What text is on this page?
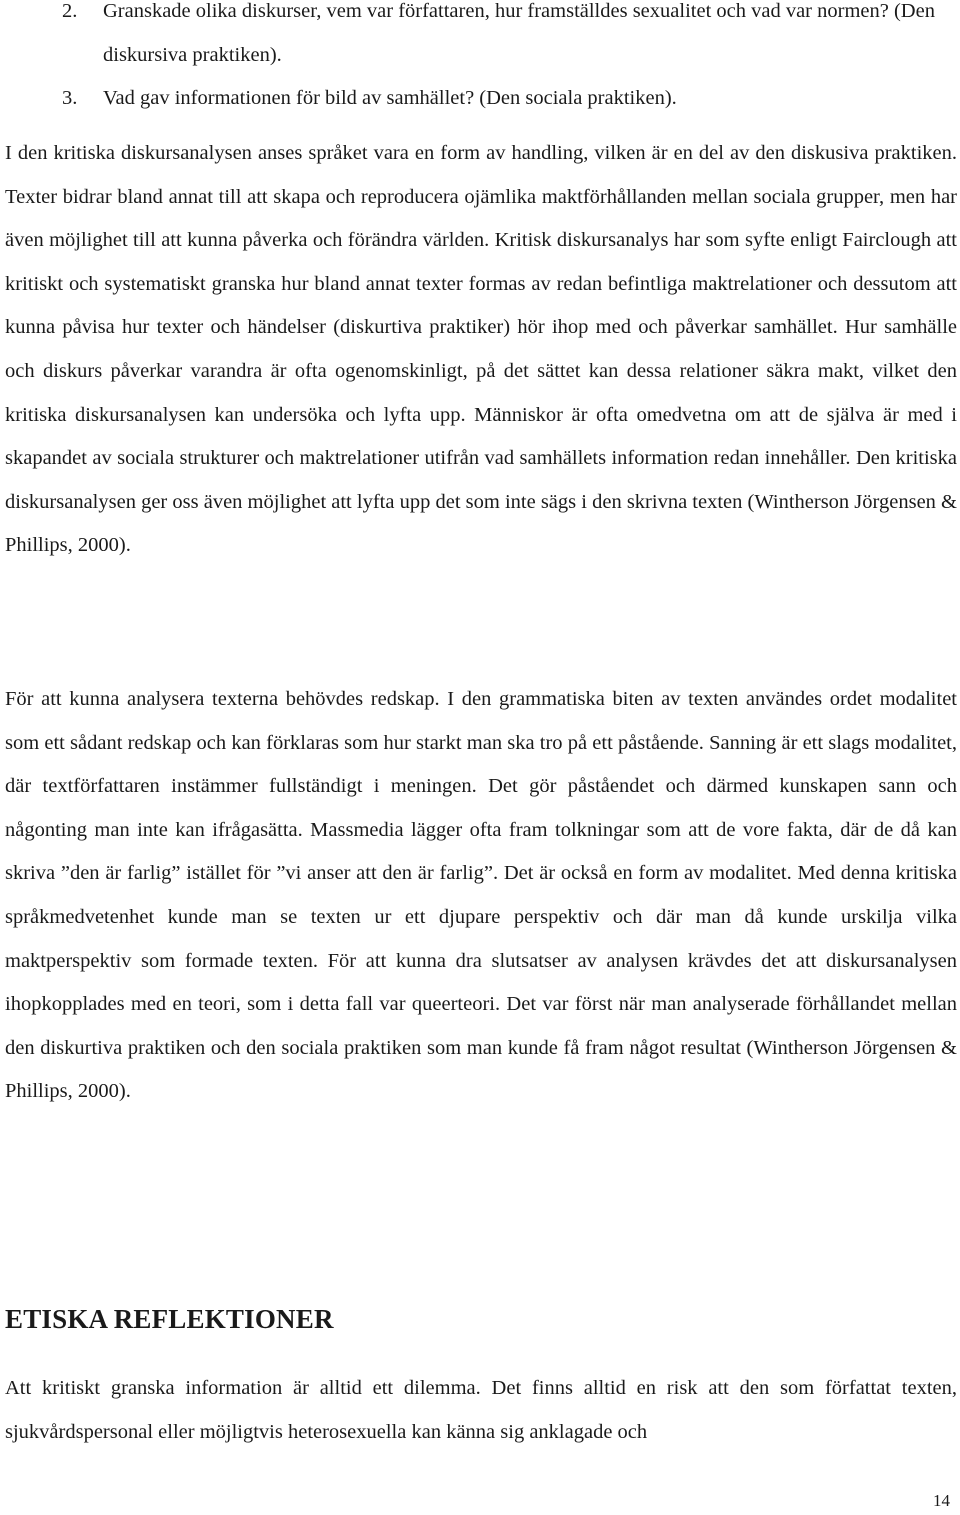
2. Granskade olika diskurser, vem var författaren, hur framställdes sexualitet och vad var normen? (Den diskursiva praktiken).
3. Vad gav informationen för bild av samhället? (Den sociala praktiken).

I den kritiska diskursanalysen anses språket vara en form av handling, vilken är en del av den diskusiva praktiken. Texter bidrar bland annat till att skapa och reproducera ojämlika maktförhållanden mellan sociala grupper, men har även möjlighet till att kunna påverka och förändra världen. Kritisk diskursanalys har som syfte enligt Fairclough att kritiskt och systematiskt granska hur bland annat texter formas av redan befintliga maktrelationer och dessutom att kunna påvisa hur texter och händelser (diskurtiva praktiker) hör ihop med och påverkar samhället. Hur samhälle och diskurs påverkar varandra är ofta ogenomskinligt, på det sättet kan dessa relationer säkra makt, vilket den kritiska diskursanalysen kan undersöka och lyfta upp. Människor är ofta omedvetna om att de själva är med i skapandet av sociala strukturer och maktrelationer utifrån vad samhällets information redan innehåller. Den kritiska diskursanalysen ger oss även möjlighet att lyfta upp det som inte sägs i den skrivna texten (Wintherson Jörgensen & Phillips, 2000).

För att kunna analysera texterna behövdes redskap. I den grammatiska biten av texten användes ordet modalitet som ett sådant redskap och kan förklaras som hur starkt man ska tro på ett påstående. Sanning är ett slags modalitet, där textförfattaren instämmer fullständigt i meningen. Det gör påståendet och därmed kunskapen sann och någonting man inte kan ifrågasätta. Massmedia lägger ofta fram tolkningar som att de vore fakta, där de då kan skriva ”den är farlig” istället för ”vi anser att den är farlig”. Det är också en form av modalitet. Med denna kritiska språkmedvetenhet kunde man se texten ur ett djupare perspektiv och där man då kunde urskilja vilka maktperspektiv som formade texten. För att kunna dra slutsatser av analysen krävdes det att diskursanalysen ihopkopplades med en teori, som i detta fall var queerteori. Det var först när man analyserade förhållandet mellan den diskurtiva praktiken och den sociala praktiken som man kunde få fram något resultat (Wintherson Jörgensen & Phillips, 2000).

ETISKA REFLEKTIONER

Att kritiskt granska information är alltid ett dilemma. Det finns alltid en risk att den som författat texten, sjukvårdspersonal eller möjligtvis heterosexuella kan känna sig anklagade och

14
